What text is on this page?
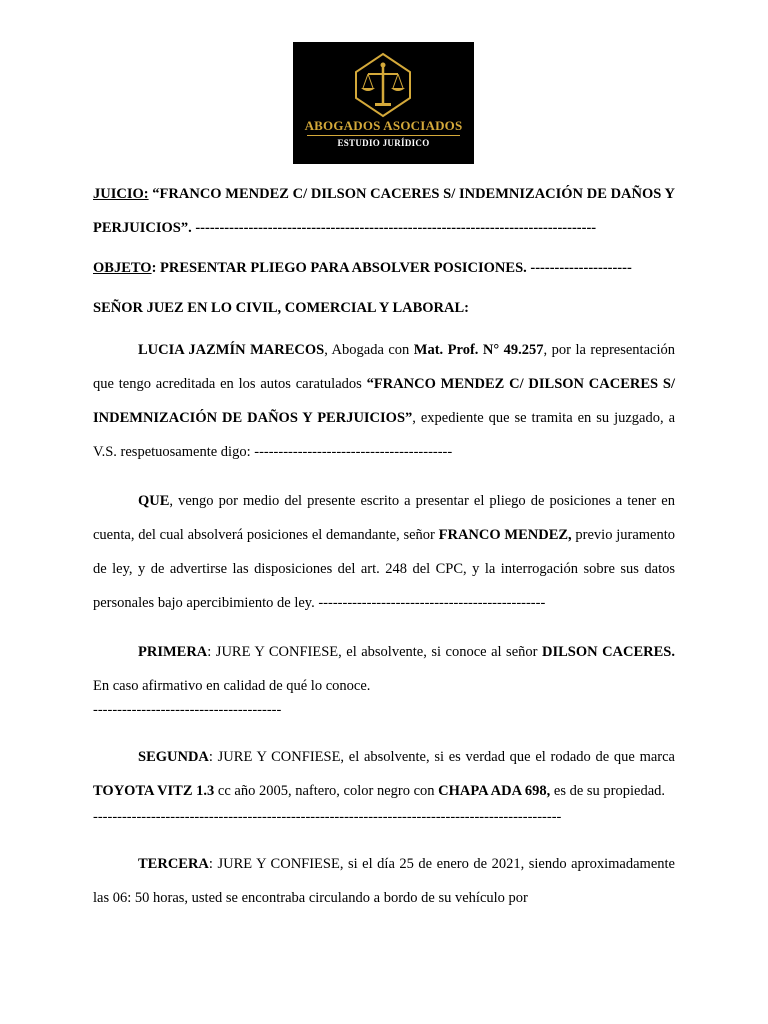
ABOGADOS ASOCIADOS
ESTUDIO JURÍDICO

JUICIO: “FRANCO MENDEZ C/ DILSON CACERES S/ INDEMNIZACIÓN DE DAÑOS Y PERJUICIOS”. -----------------------------------------------------------------------------------

OBJETO: PRESENTAR PLIEGO PARA ABSOLVER POSICIONES. ---------------------

SEÑOR JUEZ EN LO CIVIL, COMERCIAL Y LABORAL:

LUCIA JAZMÍN MARECOS, Abogada con Mat. Prof. N° 49.257, por la representación que tengo acreditada en los autos caratulados “FRANCO MENDEZ C/ DILSON CACERES S/ INDEMNIZACIÓN DE DAÑOS Y PERJUICIOS”, expediente que se tramita en su juzgado, a V.S. respetuosamente digo: -----------------------------------------

QUE, vengo por medio del presente escrito a presentar el pliego de posiciones a tener en cuenta, del cual absolverá posiciones el demandante, señor FRANCO MENDEZ, previo juramento de ley, y de advertirse las disposiciones del art. 248 del CPC, y la interrogación sobre sus datos personales bajo apercibimiento de ley. -----------------------------------------------

PRIMERA: JURE Y CONFIESE, el absolvente, si conoce al señor DILSON CACERES. En caso afirmativo en calidad de qué lo conoce.

---------------------------------------

SEGUNDA: JURE Y CONFIESE, el absolvente, si es verdad que el rodado de que marca TOYOTA VITZ 1.3 cc año 2005, naftero, color negro con CHAPA ADA 698, es de su propiedad.

-------------------------------------------------------------------------------------------------

TERCERA: JURE Y CONFIESE, si el día 25 de enero de 2021, siendo aproximadamente las 06: 50 horas, usted se encontraba circulando a bordo de su vehículo por
